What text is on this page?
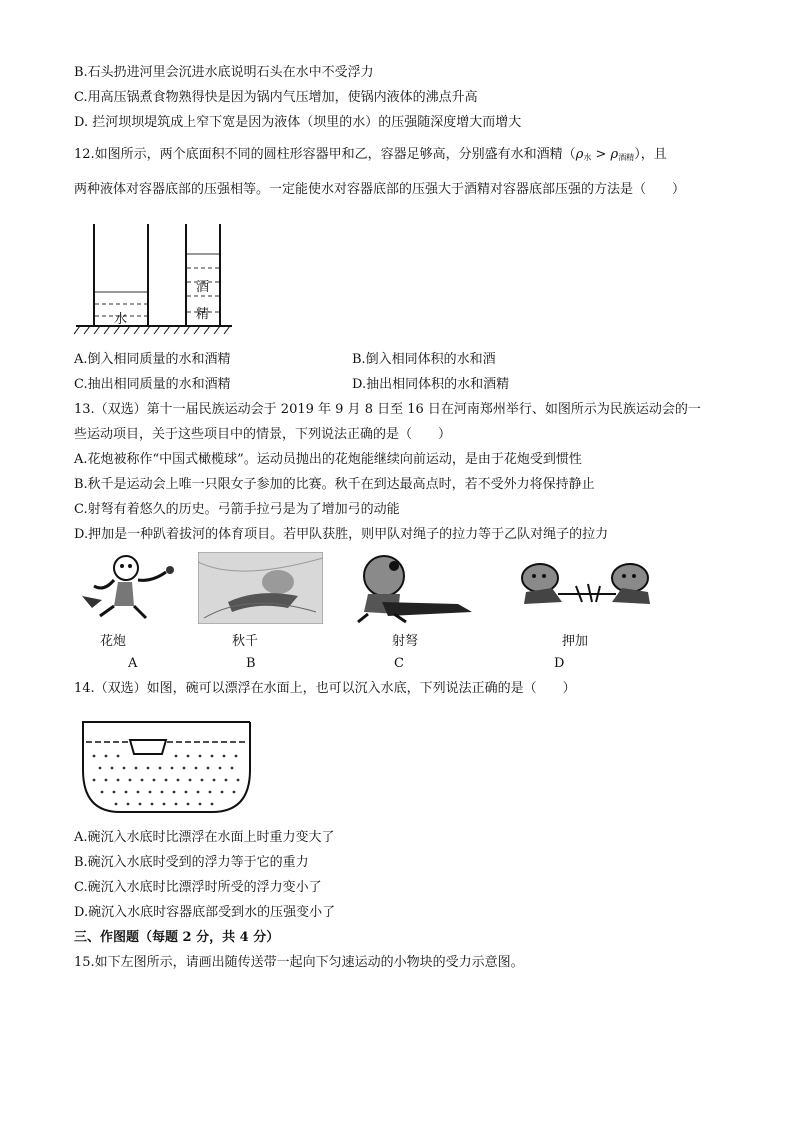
B.石头扔进河里会沉进水底说明石头在水中不受浮力
C.用高压锅煮食物熟得快是因为锅内气压增加，使锅内液体的沸点升高
D. 拦河坝坝堤筑成上窄下宽是因为液体（坝里的水）的压强随深度增大而增大
12.如图所示，两个底面积不同的圆柱形容器甲和乙，容器足够高，分别盛有水和酒精$(\rho_水 > \rho_{酒精})$，且
两种液体对容器底部的压强相等。一定能使水对容器底部的压强大于酒精对容器底部压强的方法是（　　）
水
酒
精
A.倒入相同质量的水和酒精	B.倒入相同体积的水和酒
C.抽出相同质量的水和酒精	D.抽出相同体积的水和酒精
13.（双选）第十一届民族运动会于 2019 年 9 月 8 日至 16 日在河南郑州举行、如图所示为民族运动会的一
些运动项目，关于这些项目中的情景，下列说法正确的是（　　）
A.花炮被称作“中国式橄榄球”。运动员抛出的花炮能继续向前运动，是由于花炮受到惯性
B.秋千是运动会上唯一只限女子参加的比赛。秋千在到达最高点时，若不受外力将保持静止
C.射弩有着悠久的历史。弓箭手拉弓是为了增加弓的动能
D.押加是一种趴着拔河的体育项目。若甲队获胜，则甲队对绳子的拉力等于乙队对绳子的拉力
花炮	秋千	射弩	押加
A	B	C	D
14.（双选）如图，碗可以漂浮在水面上，也可以沉入水底，下列说法正确的是（　　）
A.碗沉入水底时比漂浮在水面上时重力变大了
B.碗沉入水底时受到的浮力等于它的重力
C.碗沉入水底时比漂浮时所受的浮力变小了
D.碗沉入水底时容器底部受到水的压强变小了
三、作图题（每题 2 分，共 4 分）
15.如下左图所示，请画出随传送带一起向下匀速运动的小物块的受力示意图。
